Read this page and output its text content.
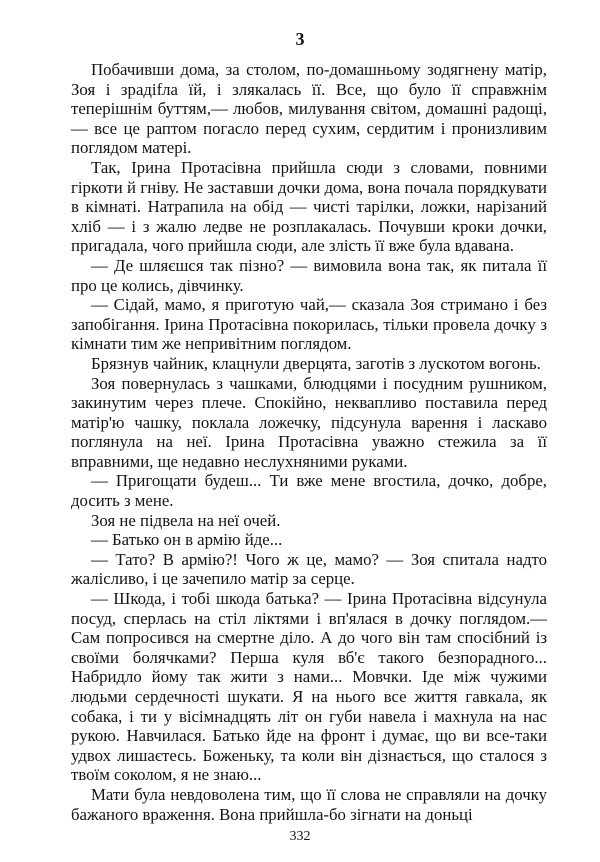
3

Побачивши дома, за столом, по-домашньому зодягнену матір, Зоя і зрадіfла їй, і злякалась її. Все, що було її справжнім теперішнім буттям,— любов, милування світом, домашні радощі,— все це раптом погасло перед сухим, сердитим і пронизливим поглядом матері.

Так, Ірина Протасівна прийшла сюди з словами, повними гіркоти й гніву. Не заставши дочки дома, вона почала порядкувати в кімнаті. Натрапила на обід — чисті тарілки, ложки, нарізаний хліб — і з жалю ледве не розплакалась. Почувши кроки дочки, пригадала, чого прийшла сюди, але злість її вже була вдавана.

— Де шляєшся так пізно? — вимовила вона так, як питала її про це колись, дівчинку.

— Сідай, мамо, я приготую чай,— сказала Зоя стримано і без запобігання. Ірина Протасівна покорилась, тільки провела дочку з кімнати тим же непривітним поглядом.

Брязнув чайник, клацнули дверцята, заготів з лускотом вогонь.

Зоя повернулась з чашками, блюдцями і посудним рушником, закинутим через плече. Спокійно, неквапливо поставила перед матір'ю чашку, поклала ложечку, підсунула варення і ласкаво поглянула на неї. Ірина Протасівна уважно стежила за її вправними, ще недавно неслухняними руками.

— Пригощати будеш... Ти вже мене вгостила, дочко, добре, досить з мене.

Зоя не підвела на неї очей.

— Батько он в армію йде...

— Тато? В армію?! Чого ж це, мамо? — Зоя спитала надто жалісливо, і це зачепило матір за серце.

— Шкода, і тобі шкода батька? — Ірина Протасівна відсунула посуд, сперлась на стіл ліктями і вп'ялася в дочку поглядом.— Сам попросився на смертне діло. А до чого він там спосібний із своїми болячками? Перша куля вб'є такого безпорадного... Набридло йому так жити з нами... Мовчки. Іде між чужими людьми сердечності шукати. Я на нього все життя гавкала, як собака, і ти у вісімнадцять літ он губи навела і махнула на нас рукою. Навчилася. Батько йде на фронт і думає, що ви все-таки удвох лишаєтесь. Боженьку, та коли він дізнається, що сталося з твоїм соколом, я не знаю...

Мати була невдоволена тим, що її слова не справляли на дочку бажаного враження. Вона прийшла-бо зігнати на доньці

332
